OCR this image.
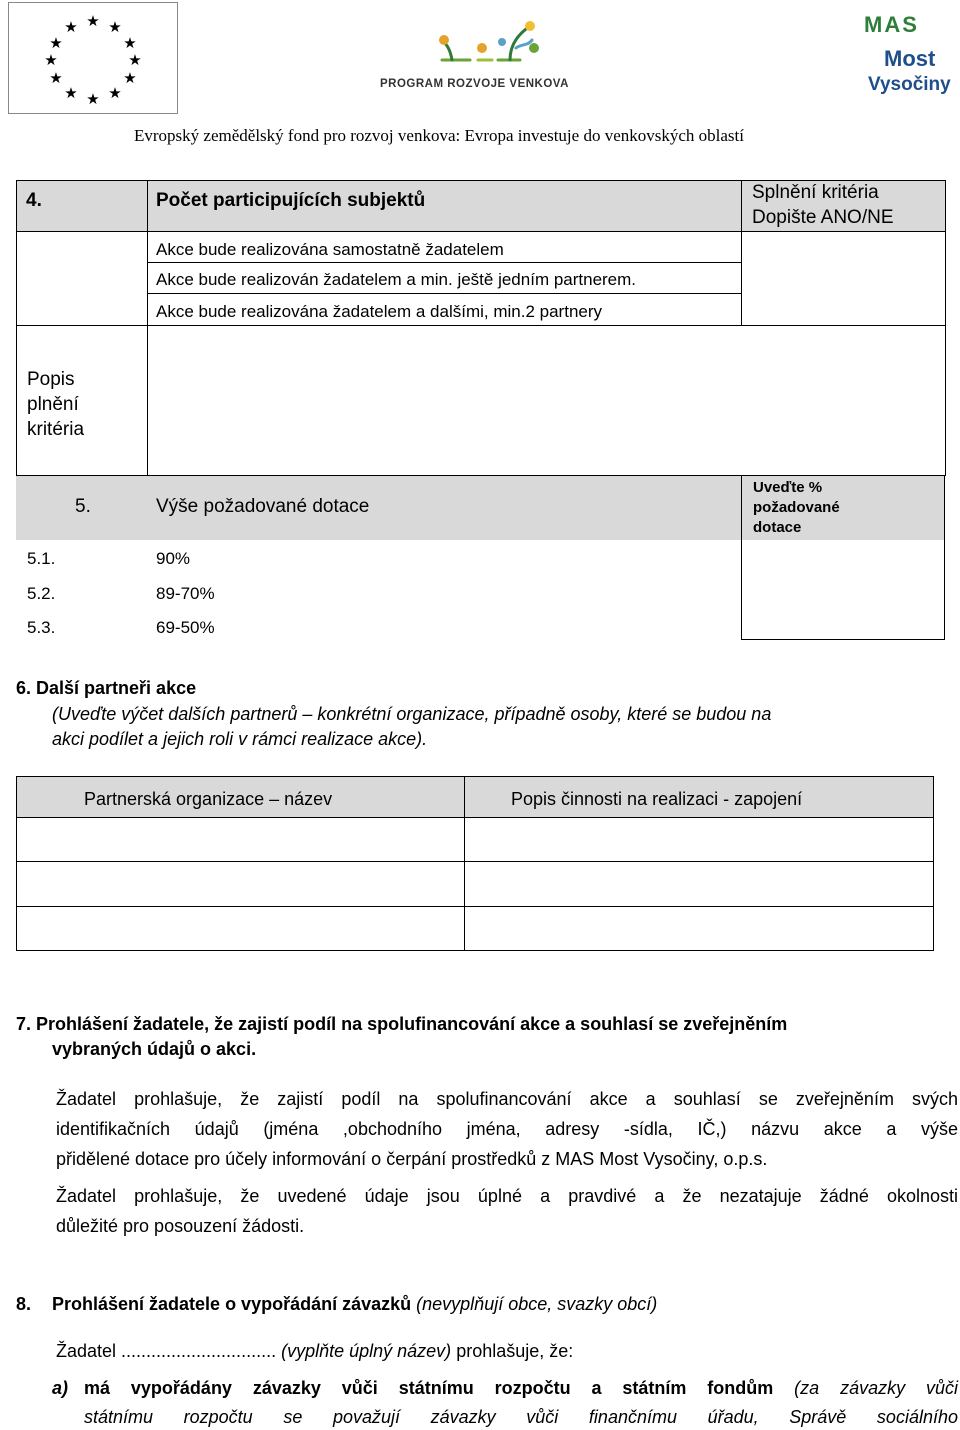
★ ★
★
★
★
★
★
★
★
★
★
★
PROGRAM ROZVOJE VENKOVA
MAS
Most
Vysočiny
Evropský zemědělský fond pro rozvoj venkova: Evropa investuje do venkovských oblastí
4.	Počet participujících subjektů	Splnění kritéria
Dopište ANO/NE
Akce bude realizována samostatně žadatelem
Akce bude realizován žadatelem a min. ještě jedním partnerem.
Akce bude realizována žadatelem a dalšími, min.2 partnery
Popis
plnění
kritéria
5.	Výše požadované dotace
Uveďte %
požadované
dotace
5.1.	90%
5.2.	89-70%
5.3.	69-50%
6. Další partneři akce
(Uveďte výčet dalších partnerů – konkrétní organizace, případně osoby, které se budou na
akci podílet a jejich roli v rámci realizace akce).
Partnerská organizace – název	Popis činnosti na realizaci - zapojení
7. Prohlášení žadatele, že zajistí podíl na spolufinancování akce a souhlasí se zveřejněním
vybraných údajů o akci.
Žadatel prohlašuje, že zajistí podíl na spolufinancování akce a souhlasí se zveřejněním svých
identifikačních údajů (jména ,obchodního jména, adresy -sídla, IČ,) názvu akce a výše
přidělené dotace pro účely informování o čerpání prostředků z MAS Most Vysočiny, o.p.s.
Žadatel prohlašuje, že uvedené údaje jsou úplné a pravdivé a že nezatajuje žádné okolnosti
důležité pro posouzení žádosti.
8. Prohlášení žadatele o vypořádání závazků (nevyplňují obce, svazky obcí)
Žadatel ............................... (vyplňte úplný název) prohlašuje, že:
a) má vypořádány závazky vůči státnímu rozpočtu a státním fondům (za závazky vůči
státnímu rozpočtu se považují závazky vůči finančnímu úřadu, Správě sociálního
